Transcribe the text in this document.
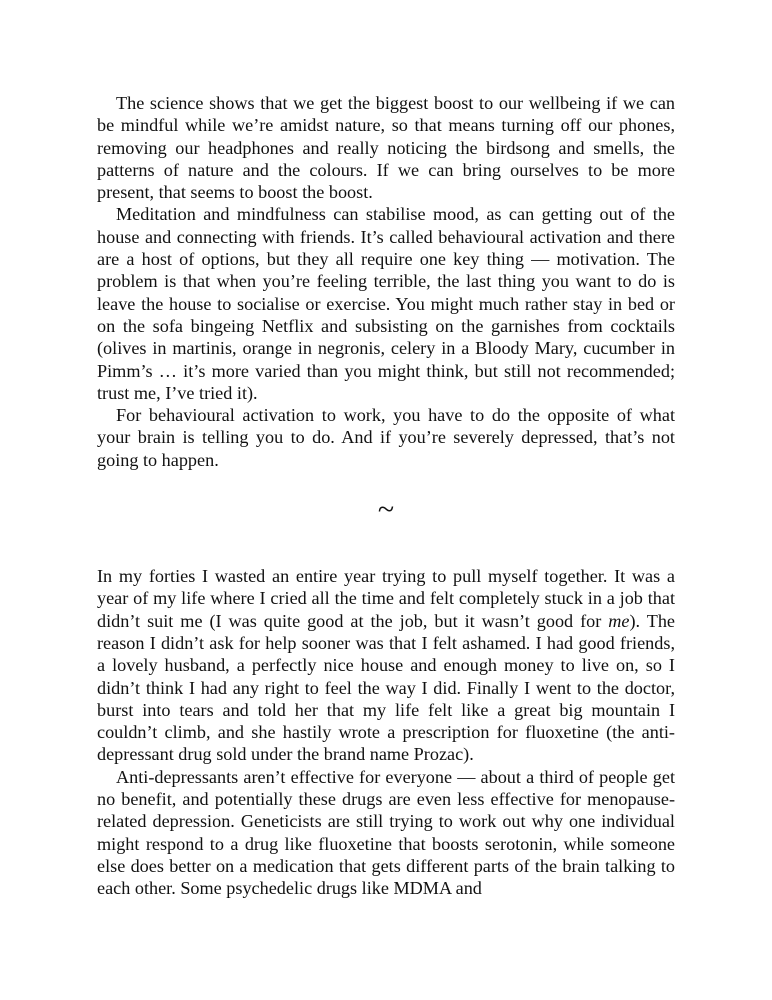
The science shows that we get the biggest boost to our wellbeing if we can be mindful while we’re amidst nature, so that means turning off our phones, removing our headphones and really noticing the birdsong and smells, the patterns of nature and the colours. If we can bring ourselves to be more present, that seems to boost the boost.

Meditation and mindfulness can stabilise mood, as can getting out of the house and connecting with friends. It’s called behavioural activation and there are a host of options, but they all require one key thing — motivation. The problem is that when you’re feeling terrible, the last thing you want to do is leave the house to socialise or exercise. You might much rather stay in bed or on the sofa bingeing Netflix and subsisting on the garnishes from cocktails (olives in martinis, orange in negronis, celery in a Bloody Mary, cucumber in Pimm’s … it’s more varied than you might think, but still not recommended; trust me, I’ve tried it).

For behavioural activation to work, you have to do the opposite of what your brain is telling you to do. And if you’re severely depressed, that’s not going to happen.

~

In my forties I wasted an entire year trying to pull myself together. It was a year of my life where I cried all the time and felt completely stuck in a job that didn’t suit me (I was quite good at the job, but it wasn’t good for me). The reason I didn’t ask for help sooner was that I felt ashamed. I had good friends, a lovely husband, a perfectly nice house and enough money to live on, so I didn’t think I had any right to feel the way I did. Finally I went to the doctor, burst into tears and told her that my life felt like a great big mountain I couldn’t climb, and she hastily wrote a prescription for fluoxetine (the anti-depressant drug sold under the brand name Prozac).

Anti-depressants aren’t effective for everyone — about a third of people get no benefit, and potentially these drugs are even less effective for menopause-related depression. Geneticists are still trying to work out why one individual might respond to a drug like fluoxetine that boosts serotonin, while someone else does better on a medication that gets different parts of the brain talking to each other. Some psychedelic drugs like MDMA and
